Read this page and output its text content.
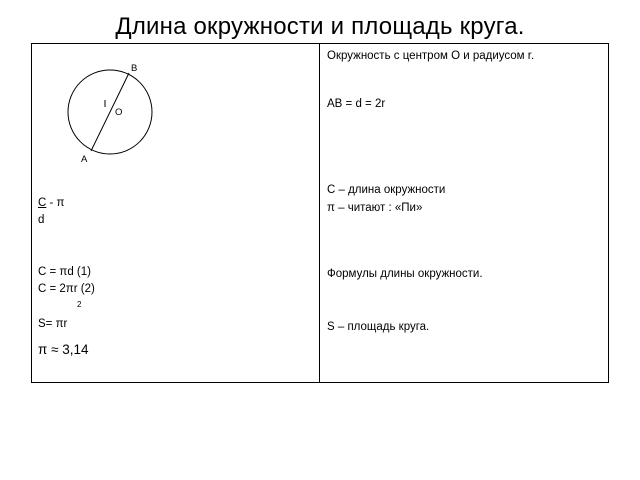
Длина окружности и площадь круга.
B
O
A
C - π
d
C = πd (1)
C = 2πr (2)
2
S= πr
π ≈ 3,14
Окружность с центром O и радиусом r.
AB = d = 2r
C – длина окружности
π – читают : «Пи»
Формулы длины окружности.
S – площадь круга.
